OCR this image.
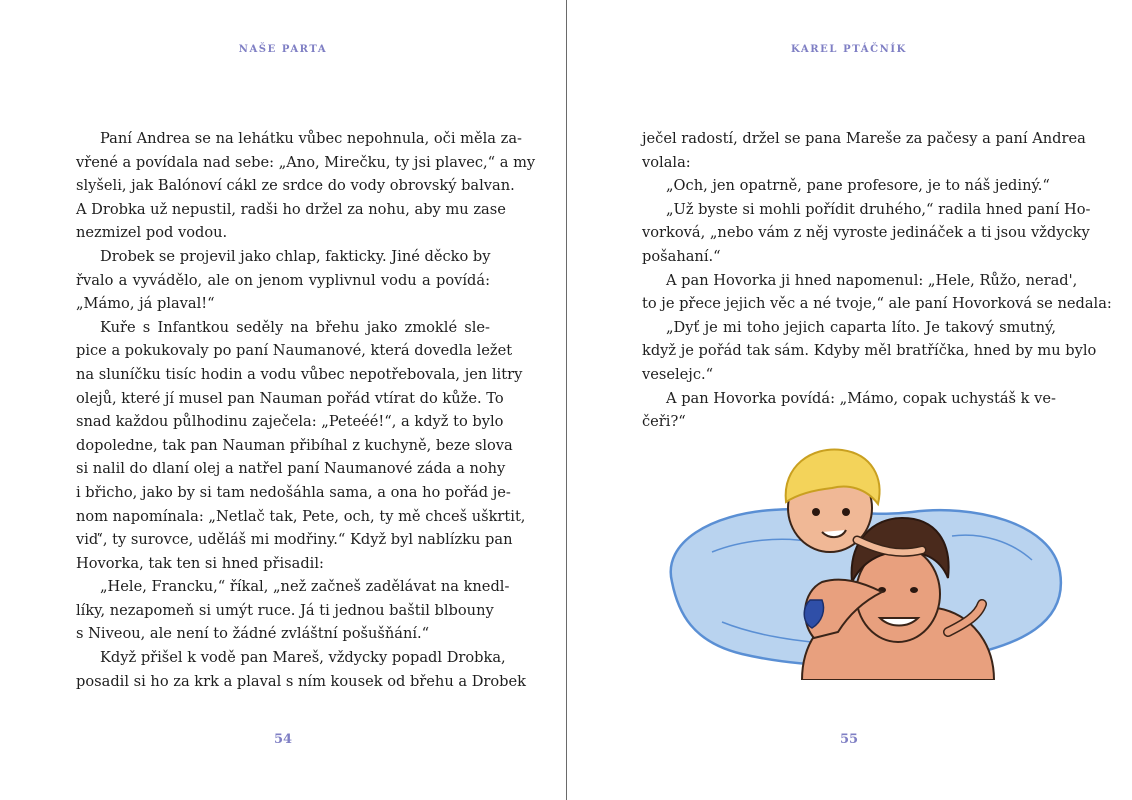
NAŠE PARTA
Paní Andrea se na lehátku vůbec nepohnula, oči měla za-
vřené a povídala nad sebe: „Ano, Mirečku, ty jsi plavec,“ a my
slyšeli, jak Balónoví cákl ze srdce do vody obrovský balvan.
A Drobka už nepustil, radši ho držel za nohu, aby mu zase
nezmizel pod vodou.
Drobek se projevil jako chlap, fakticky. Jiné děcko by
řvalo a vyvádělo, ale on jenom vyplivnul vodu a povídá:
„Mámo, já plaval!“
Kuře s Infantkou seděly na břehu jako zmoklé sle-
pice a pokukovaly po paní Naumanové, která dovedla ležet
na sluníčku tisíc hodin a vodu vůbec nepotřebovala, jen litry
olejů, které jí musel pan Nauman pořád vtírat do kůže. To
snad každou půlhodinu zaječela: „Peteéé!“, a když to bylo
dopoledne, tak pan Nauman přibíhal z kuchyně, beze slova
si nalil do dlaní olej a natřel paní Naumanové záda a nohy
i břicho, jako by si tam nedošáhla sama, a ona ho pořád je-
nom napomínala: „Netlač tak, Pete, och, ty mě chceš uškrtit,
viď‘, ty surovce, uděláš mi modřiny.“ Když byl nablízku pan
Hovorka, tak ten si hned přisadil:
„Hele, Francku,“ říkal, „než začneš zadělávat na knedl-
líky, nezapomeň si umýt ruce. Já ti jednou baštil blbouny
s Niveou, ale není to žádné zvláštní pošušňání.“
Když přišel k vodě pan Mareš, vždycky popadl Drobka,
posadil si ho za krk a plaval s ním kousek od břehu a Drobek
54
KAREL PTÁČNÍK
ječel radostí, držel se pana Mareše za pačesy a paní Andrea
volala:
„Och, jen opatrně, pane profesore, je to náš jediný.“
„Už byste si mohli pořídit druhého,“ radila hned paní Ho-
vorková, „nebo vám z něj vyroste jedináček a ti jsou vždycky
pošahaní.“
A pan Hovorka ji hned napomenul: „Hele, Růžo, nerad',
to je přece jejich věc a né tvoje,“ ale paní Hovorková se nedala:
„Dyť je mi toho jejich caparta líto. Je takový smutný,
když je pořád tak sám. Kdyby měl bratříčka, hned by mu bylo
veselejc.“
A pan Hovorka povídá: „Mámo, copak uchystáš k ve-
čeři?“
55
